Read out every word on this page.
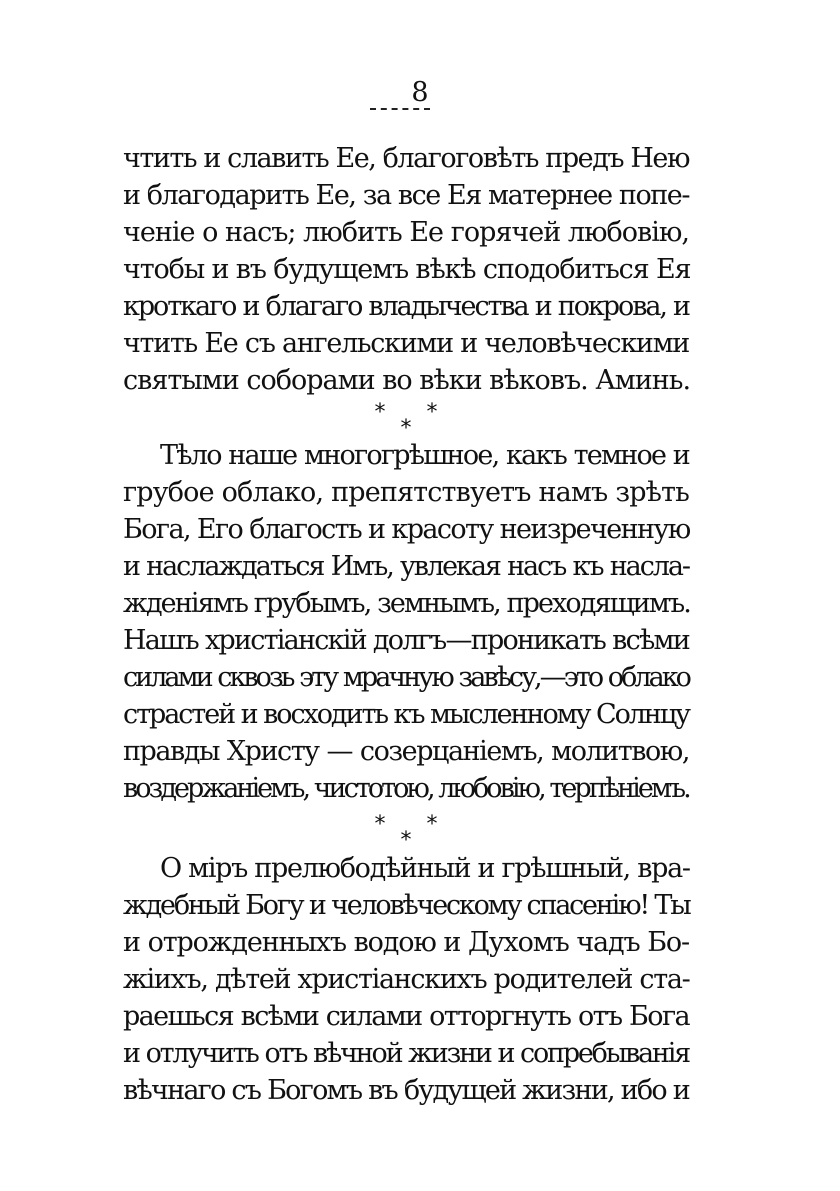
8
чтить и славить Ее, благоговѣть предъ Нею
и благодарить Ее, за все Ея матернее попе-
ченіе о насъ; любить Ее горячей любовію,
чтобы и въ будущемъ вѣкѣ сподобиться Ея
кроткаго и благаго владычества и покрова, и
чтить Ее съ ангельскими и человѣческими
святыми соборами во вѣки вѣковъ. Аминь.
* *
*
Тѣло наше многогрѣшное, какъ темное и
грубое облако, препятствуетъ намъ зрѣть
Бога, Его благость и красоту неизреченную
и наслаждаться Имъ, увлекая насъ къ насла-
жденіямъ грубымъ, земнымъ, преходящимъ.
Нашъ христіанскій долгъ—проникать всѣми
силами сквозь эту мрачную завѣсу,—это облако
страстей и восходить къ мысленному Солнцу
правды Христу — созерцаніемъ, молитвою,
воздержаніемъ, чистотою, любовію, терпѣніемъ.
* *
*
О міръ прелюбодѣйный и грѣшный, вра-
ждебный Богу и человѣческому спасенію! Ты
и отрожденныхъ водою и Духомъ чадъ Бо-
жіихъ, дѣтей христіанскихъ родителей ста-
раешься всѣми силами отторгнуть отъ Бога
и отлучить отъ вѣчной жизни и сопребыванія
вѣчнаго съ Богомъ въ будущей жизни, ибо и
